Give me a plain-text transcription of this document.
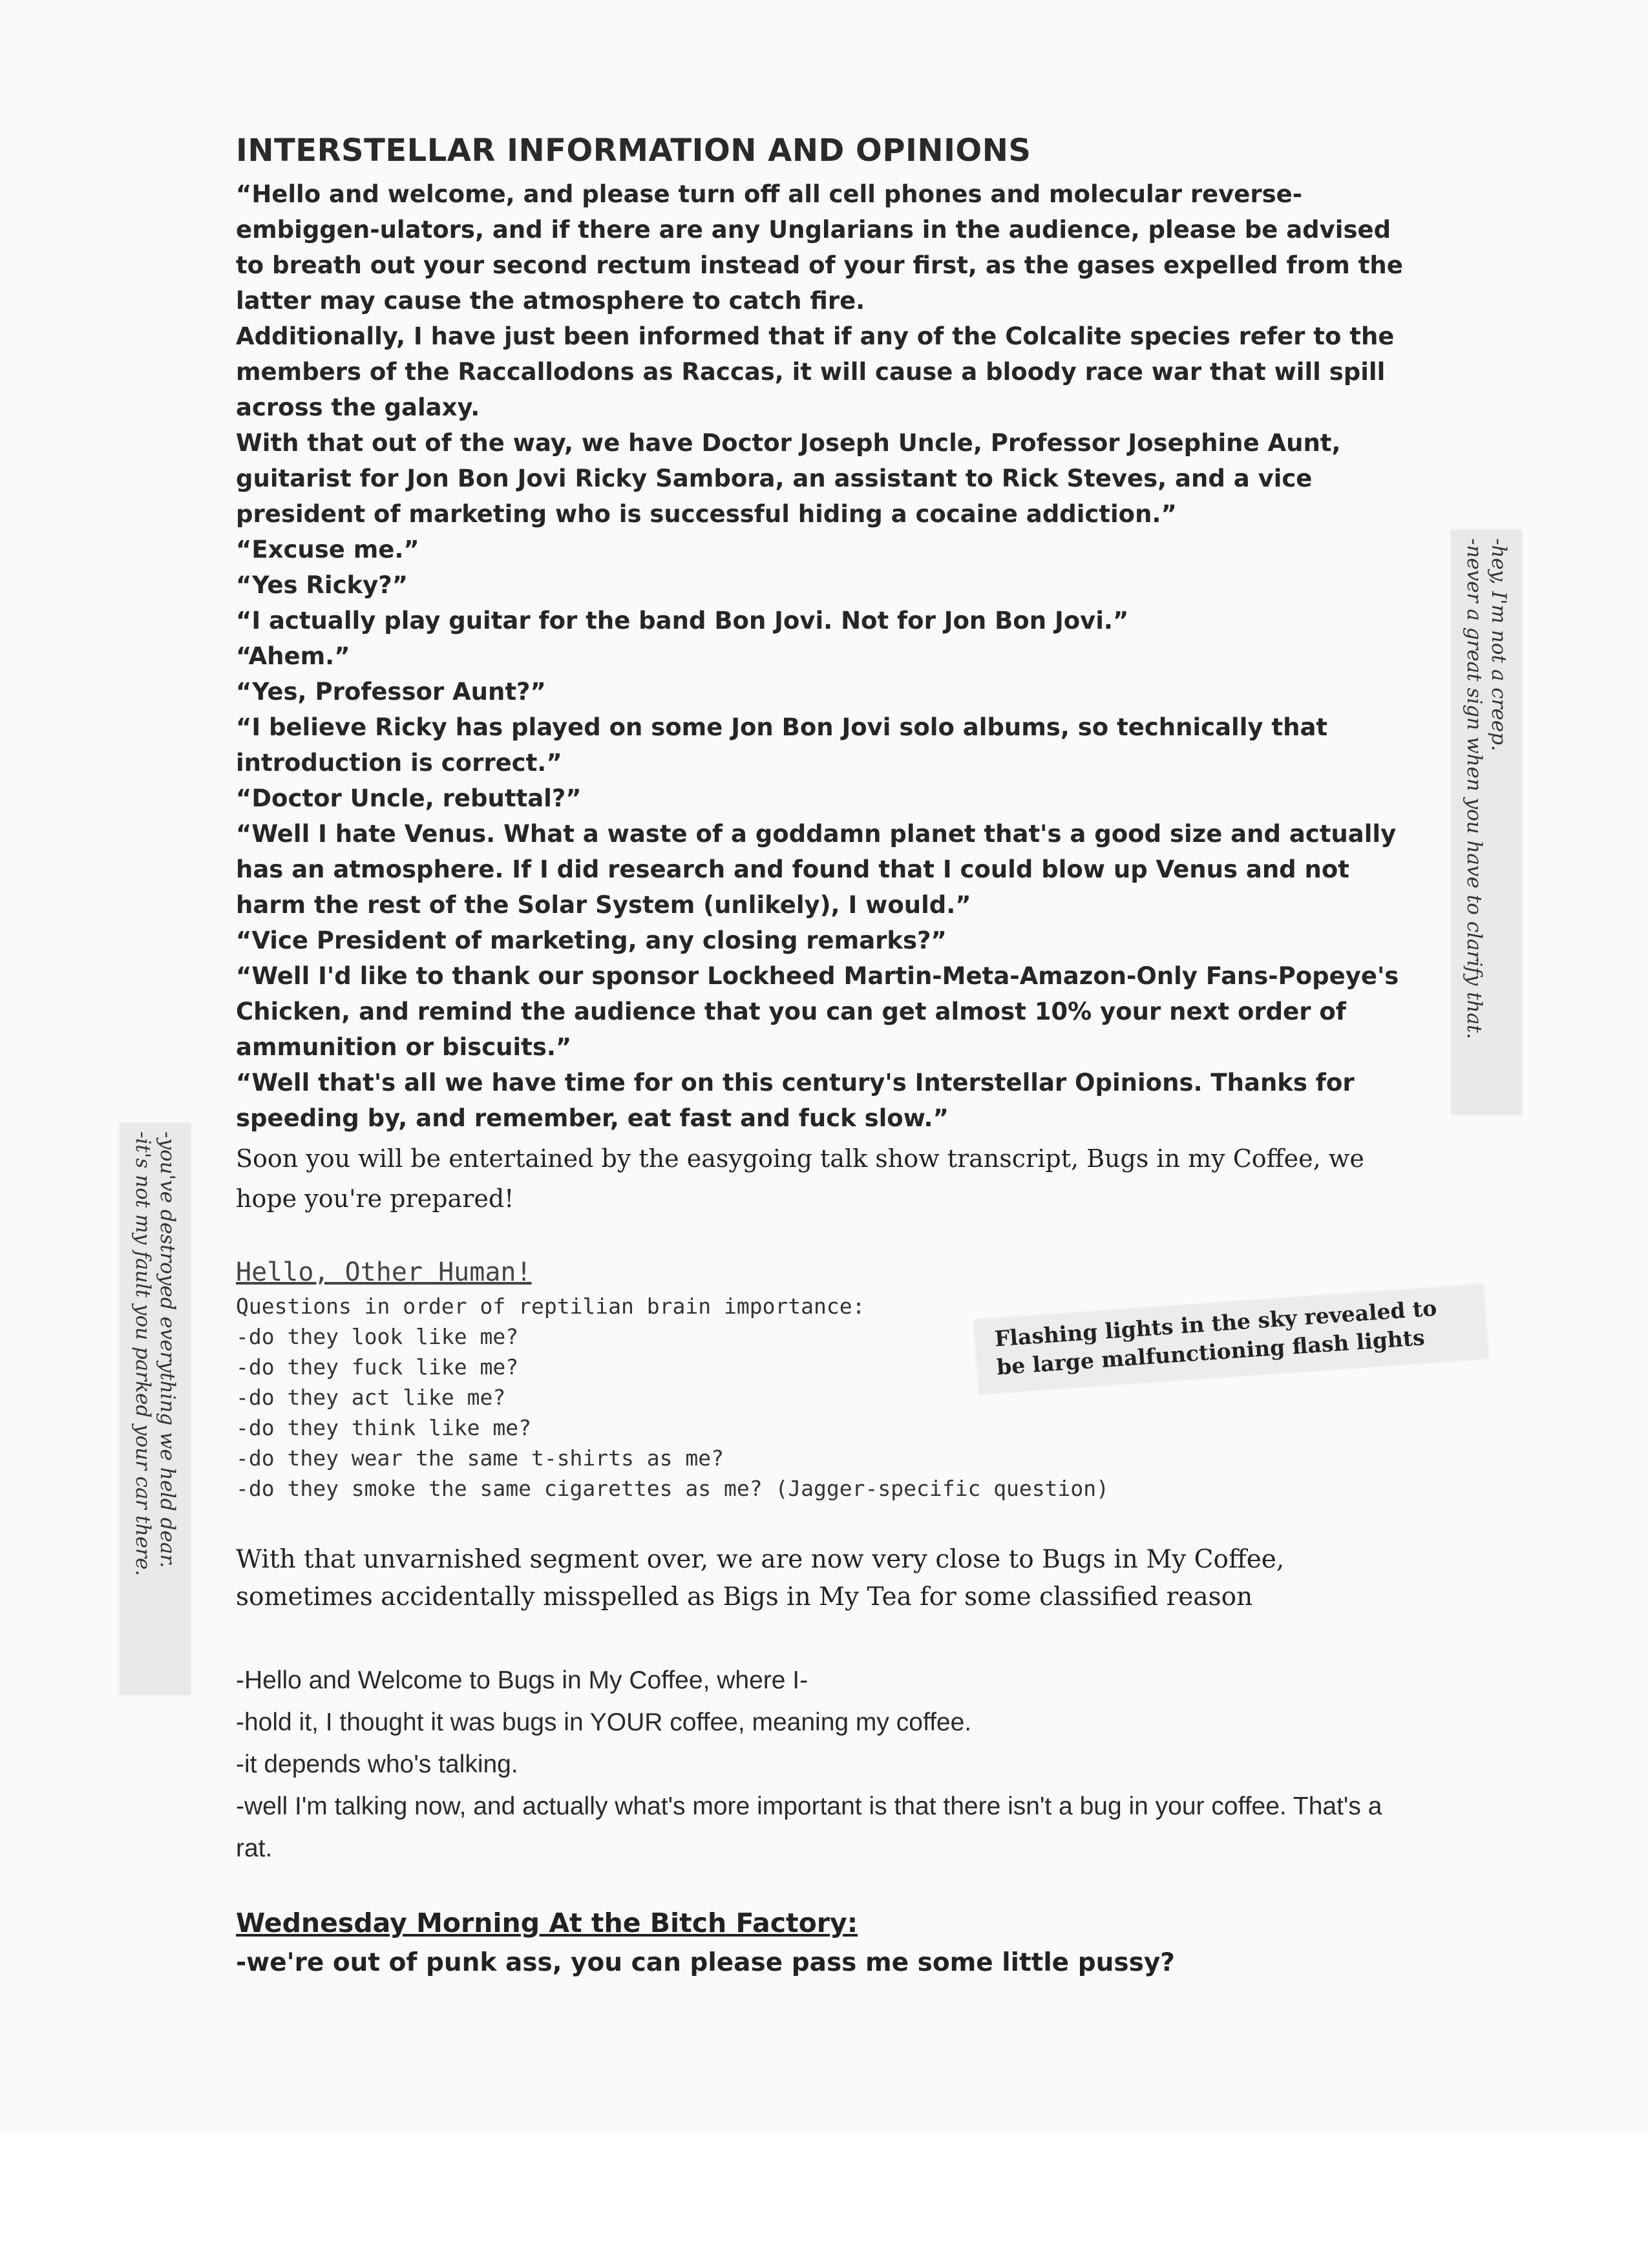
INTERSTELLAR INFORMATION AND OPINIONS

“Hello and welcome, and please turn off all cell phones and molecular reverse-embiggen-ulators, and if there are any Unglarians in the audience, please be advised to breath out your second rectum instead of your first, as the gases expelled from the latter may cause the atmosphere to catch fire.

Additionally, I have just been informed that if any of the Colcalite species refer to the members of the Raccallodons as Raccas, it will cause a bloody race war that will spill across the galaxy.

With that out of the way, we have Doctor Joseph Uncle, Professor Josephine Aunt, guitarist for Jon Bon Jovi Ricky Sambora, an assistant to Rick Steves, and a vice president of marketing who is successful hiding a cocaine addiction.”

“Excuse me.”

“Yes Ricky?”

“I actually play guitar for the band Bon Jovi. Not for Jon Bon Jovi.”

“Ahem.”

“Yes, Professor Aunt?”

“I believe Ricky has played on some Jon Bon Jovi solo albums, so technically that introduction is correct.”

“Doctor Uncle, rebuttal?”

“Well I hate Venus. What a waste of a goddamn planet that's a good size and actually has an atmosphere. If I did research and found that I could blow up Venus and not harm the rest of the Solar System (unlikely), I would.”

“Vice President of marketing, any closing remarks?”

“Well I'd like to thank our sponsor Lockheed Martin-Meta-Amazon-Only Fans-Popeye's Chicken, and remind the audience that you can get almost 10% your next order of ammunition or biscuits.”

“Well that's all we have time for on this century's Interstellar Opinions. Thanks for speeding by, and remember, eat fast and fuck slow.”

Soon you will be entertained by the easygoing talk show transcript, Bugs in my Coffee, we hope you're prepared!

Hello, Other Human!
Questions in order of reptilian brain importance:
-do they look like me?
-do they fuck like me?
-do they act like me?
-do they think like me?
-do they wear the same t-shirts as me?
-do they smoke the same cigarettes as me? (Jagger-specific question)

With that unvarnished segment over, we are now very close to Bugs in My Coffee, sometimes accidentally misspelled as Bigs in My Tea for some classified reason

-Hello and Welcome to Bugs in My Coffee, where I-

-hold it, I thought it was bugs in YOUR coffee, meaning my coffee.

-it depends who's talking.

-well I'm talking now, and actually what's more important is that there isn't a bug in your coffee. That's a rat.

Wednesday Morning At the Bitch Factory:
-we're out of punk ass, you can please pass me some little pussy?
-hey, I'm not a creep.
-never a great sign when you have to clarify that.
-you've destroyed everything we held dear.
-it's not my fault you parked your car there.	Flashing lights in the sky revealed to be large malfunctioning flash lights
